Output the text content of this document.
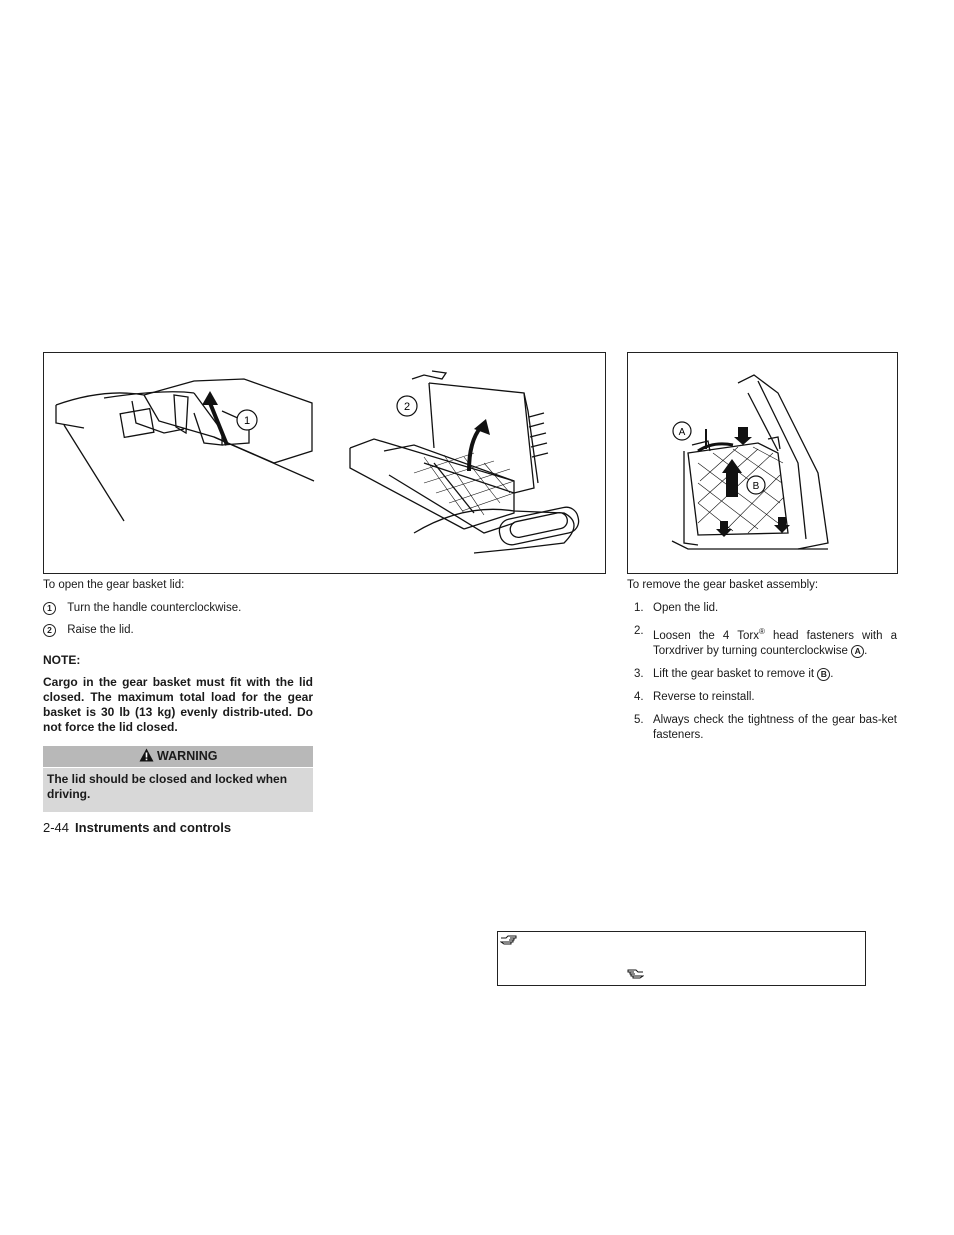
1
2
A
B
To open the gear basket lid:
1 Turn the handle counterclockwise.
2 Raise the lid.
NOTE:
Cargo in the gear basket must fit with the lid closed. The maximum total load for the gear basket is 30 lb (13 kg) evenly distrib-uted. Do not force the lid closed.
WARNING
The lid should be closed and locked when driving.
2-44 Instruments and controls
To remove the gear basket assembly:
1. Open the lid.
2. Loosen the 4 Torx® head fasteners with a Torxdriver by turning counterclockwise A .
3. Lift the gear basket to remove it B .
4. Reverse to reinstall.
5. Always check the tightness of the gear bas-ket fasteners.
